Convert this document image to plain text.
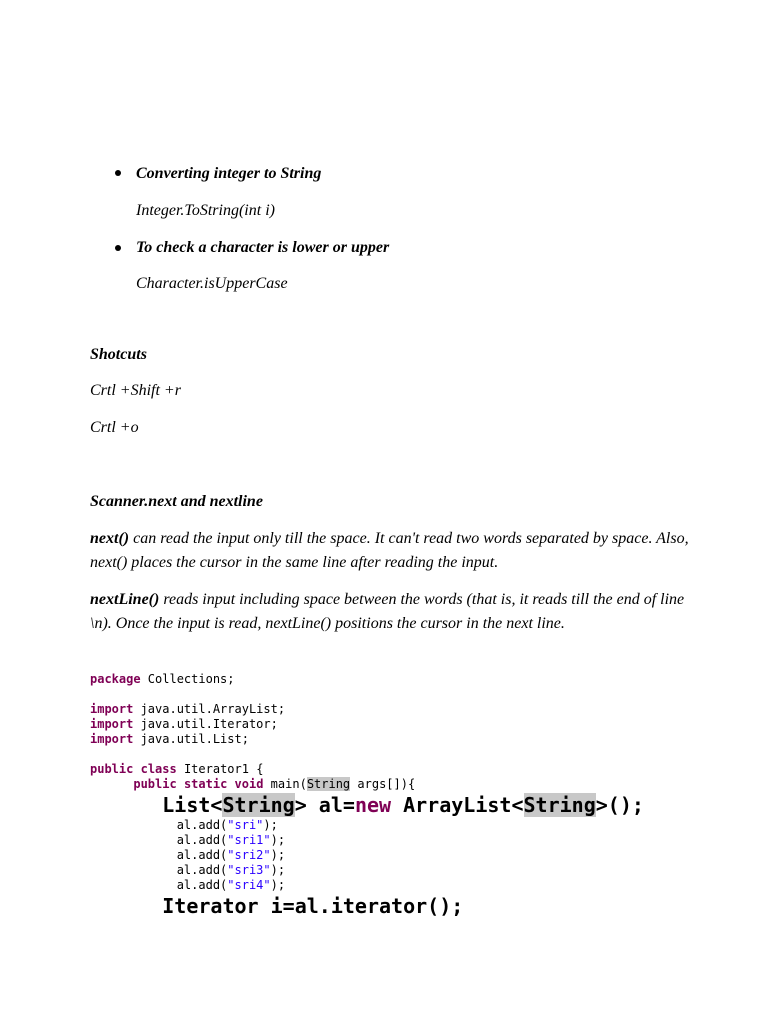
Converting integer to String
Integer.ToString(int i)
To check a character is lower or upper
Character.isUpperCase
Shotcuts
Crtl +Shift +r
Crtl +o
Scanner.next and nextline
next() can read the input only till the space. It can't read two words separated by space. Also, next() places the cursor in the same line after reading the input.
nextLine() reads input including space between the words (that is, it reads till the end of line \n). Once the input is read, nextLine() positions the cursor in the next line.
package Collections;

import java.util.ArrayList;
import java.util.Iterator;
import java.util.List;

public class Iterator1 {
public static void main(String args[]){
List<String> al=new ArrayList<String>();
al.add("sri");
al.add("sri1");
al.add("sri2");
al.add("sri3");
al.add("sri4");
Iterator i=al.iterator();
